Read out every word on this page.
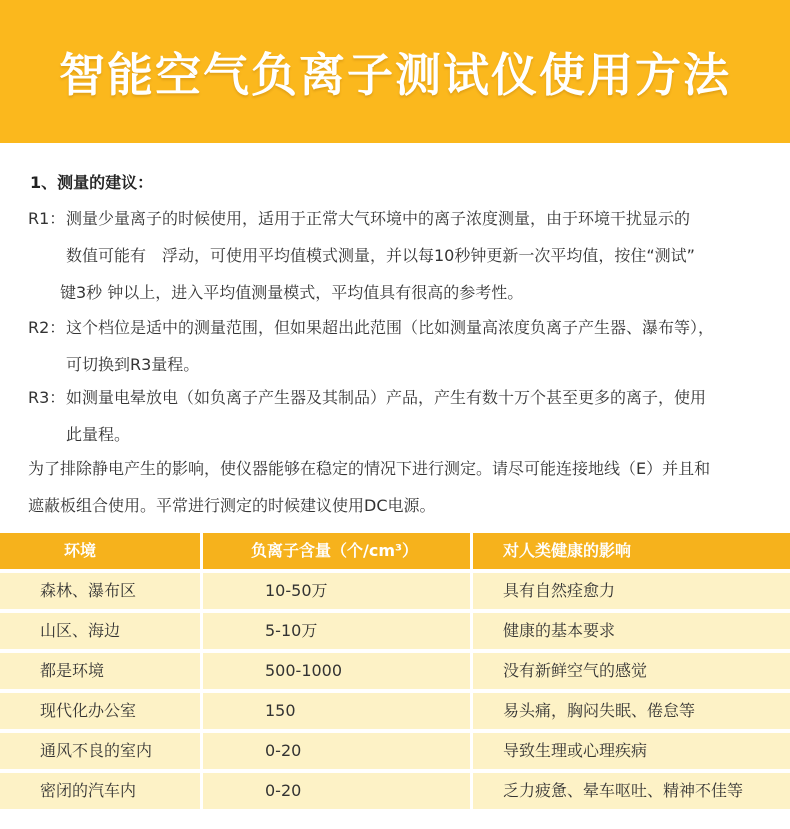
智能空气负离子测试仪使用方法
1、测量的建议：
R1：测量少量离子的时候使用，适用于正常大气环境中的离子浓度测量，由于环境干扰显示的
数值可能有　浮动，可使用平均值模式测量，并以每10秒钟更新一次平均值，按住“测试”
键3秒 钟以上，进入平均值测量模式，平均值具有很高的参考性。
R2：这个档位是适中的测量范围，但如果超出此范围（比如测量高浓度负离子产生器、瀑布等），
可切换到R3量程。
R3：如测量电晕放电（如负离子产生器及其制品）产品，产生有数十万个甚至更多的离子，使用
此量程。
为了排除静电产生的影响，使仪器能够在稳定的情况下进行测定。请尽可能连接地线（E）并且和
遮蔽板组合使用。平常进行测定的时候建议使用DC电源。
环境	负离子含量（个/cm³）	对人类健康的影响
森林、瀑布区	10-50万	具有自然痊愈力
山区、海边	5-10万	健康的基本要求
都是环境	500-1000	没有新鲜空气的感觉
现代化办公室	150	易头痛，胸闷失眠、倦怠等
通风不良的室内	0-20	导致生理或心理疾病
密闭的汽车内	0-20	乏力疲惫、晕车呕吐、精神不佳等
